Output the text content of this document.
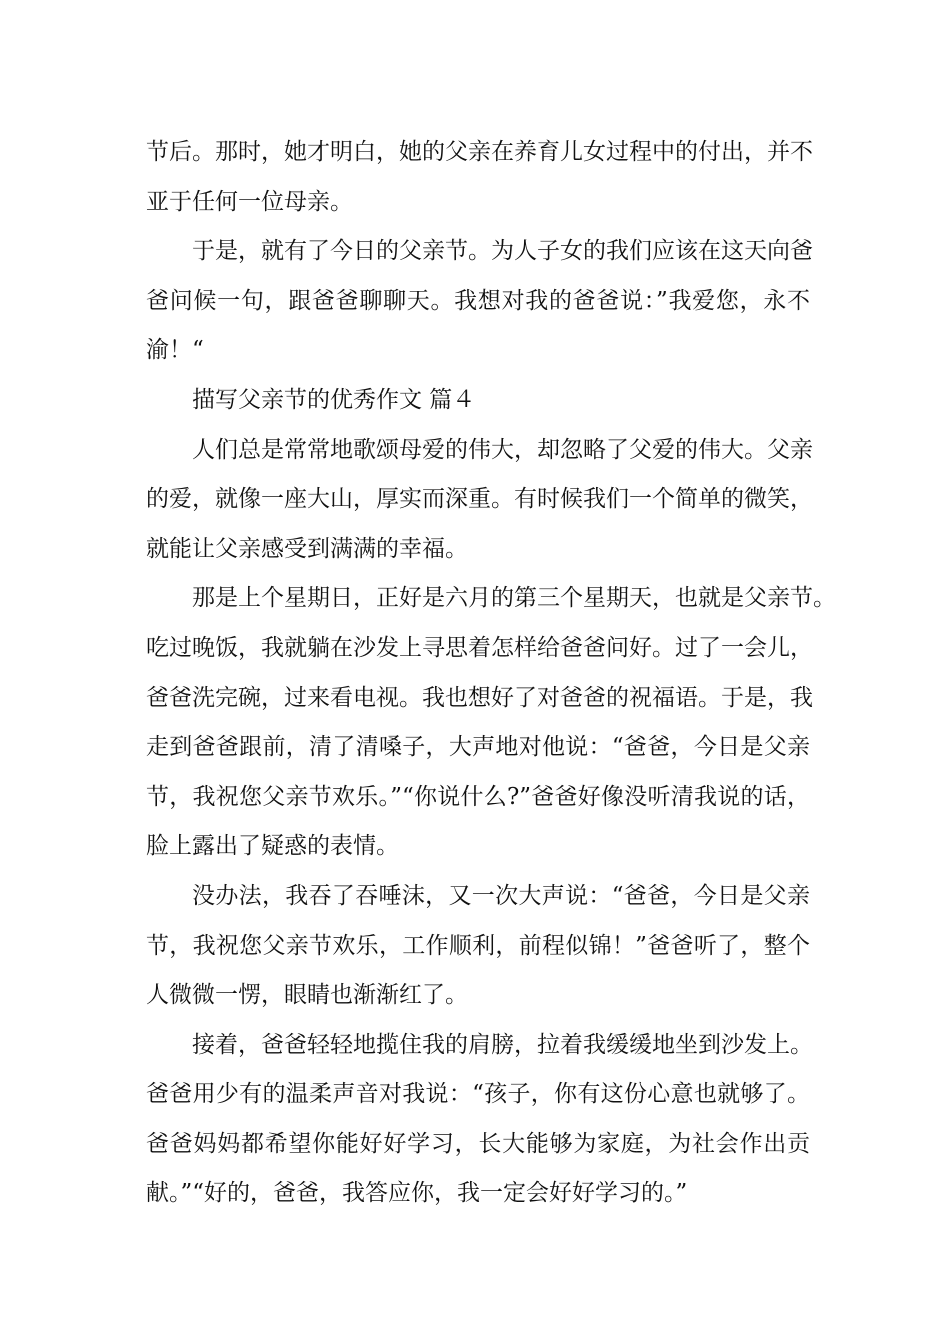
节后。那时，她才明白，她的父亲在养育儿女过程中的付出，并不
亚于任何一位母亲。
于是，就有了今日的父亲节。为人子女的我们应该在这天向爸
爸问候一句，跟爸爸聊聊天。我想对我的爸爸说：”我爱您，永不
渝！“
描写父亲节的优秀作文 篇４
人们总是常常地歌颂母爱的伟大，却忽略了父爱的伟大。父亲
的爱，就像一座大山，厚实而深重。有时候我们一个简单的微笑，
就能让父亲感受到满满的幸福。
那是上个星期日，正好是六月的第三个星期天，也就是父亲节。
吃过晚饭，我就躺在沙发上寻思着怎样给爸爸问好。过了一会儿，
爸爸洗完碗，过来看电视。我也想好了对爸爸的祝福语。于是，我
走到爸爸跟前，清了清嗓子，大声地对他说：“爸爸，今日是父亲
节，我祝您父亲节欢乐。”“你说什么?”爸爸好像没听清我说的话，
脸上露出了疑惑的表情。
没办法，我吞了吞唾沫，又一次大声说：“爸爸，今日是父亲
节，我祝您父亲节欢乐，工作顺利，前程似锦！”爸爸听了，整个
人微微一愣，眼睛也渐渐红了。
接着，爸爸轻轻地揽住我的肩膀，拉着我缓缓地坐到沙发上。
爸爸用少有的温柔声音对我说：“孩子，你有这份心意也就够了。
爸爸妈妈都希望你能好好学习，长大能够为家庭，为社会作出贡
献。”“好的，爸爸，我答应你，我一定会好好学习的。”
